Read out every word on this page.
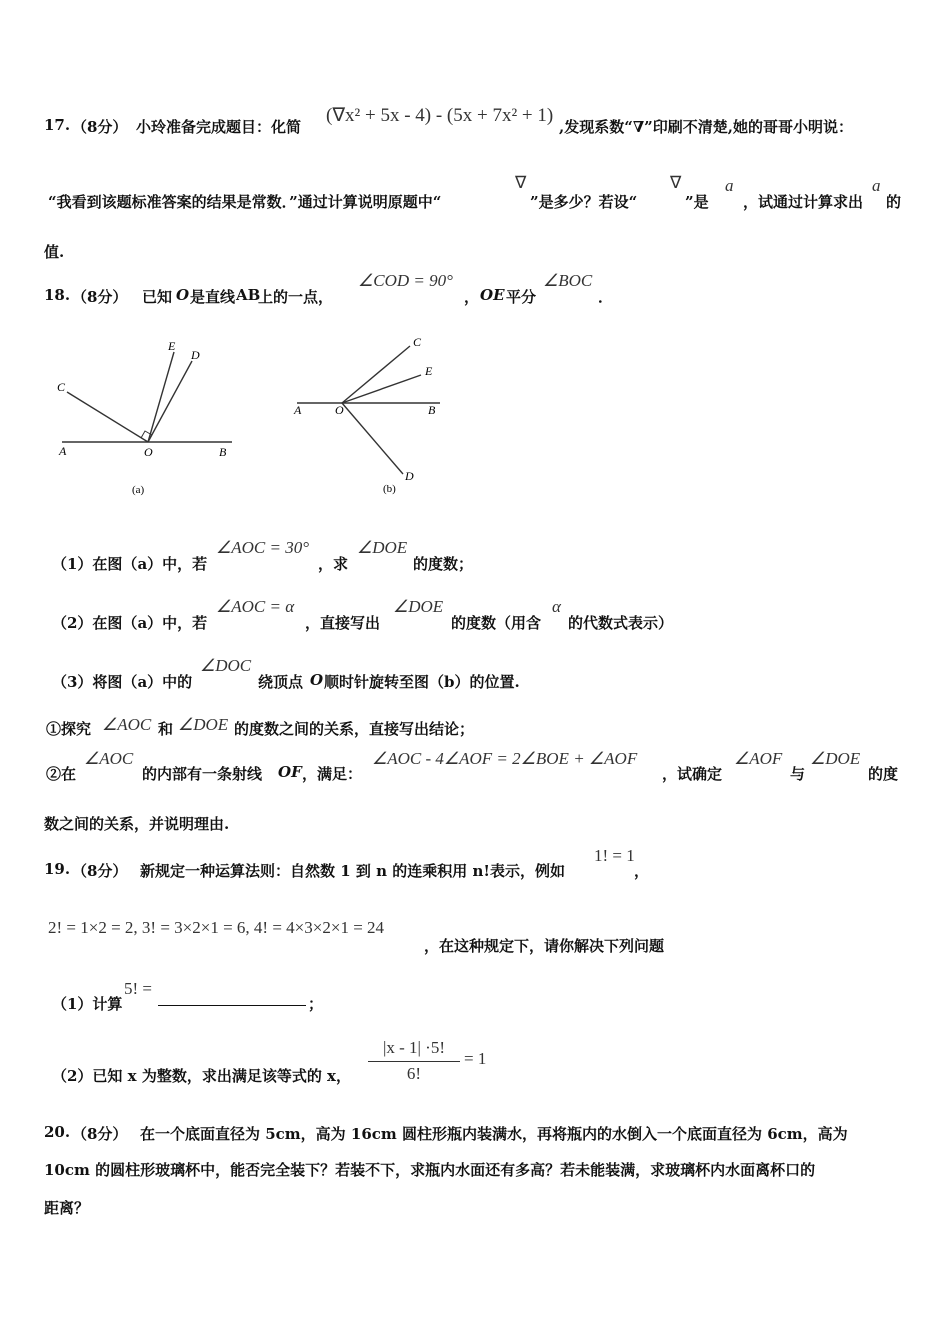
17. （8分） 小玲准备完成题目：化简
(∇x² + 5x - 4) - (5x + 7x² + 1)
,发现系数“∇”印刷不清楚,她的哥哥小明说：
“我看到该题标准答案的结果是常数．”通过计算说明原题中“
∇
”是多少？若设“
∇
”是
a
，试通过计算求出
a
的
值.
18. （8分） 已知 O 是直线 AB
上的一点，
∠COD = 90°
， OE 平分
∠BOC
．
C
E
D
A	O	B
(a)
C
E
A	O	B
D
(b)
（1）在图（a）中，若
∠AOC = 30°
，求
∠DOE
的度数；
（2）在图（a）中，若
∠AOC = α
，直接写出
∠DOE
的度数（用含
α
的代数式表示）
（3）将图（a）中的
∠DOC
绕顶点 O 顺时针旋转至图（b）的位置.
①探究 ∠AOC 和 ∠DOE 的度数之间的关系，直接写出结论；
②在
∠AOC
的内部有一条射线 OF ，满足：
∠AOC - 4∠AOF = 2∠BOE + ∠AOF
，试确定
∠AOF
与
∠DOE
的度
数之间的关系，并说明理由.
19. （8分） 新规定一种运算法则：自然数 1 到 n 的连乘积用 n!表示，例如
1! = 1
，
2! = 1×2 = 2, 3! = 3×2×1 = 6, 4! = 4×3×2×1 = 24
，在这种规定下，请你解决下列问题
（1）计算
5! =
；
（2）已知 x 为整数，求出满足该等式的 x，
|x - 1| ·5!
6!
= 1
20. （8分） 在一个底面直径为 5cm，高为 16cm 圆柱形瓶内装满水，再将瓶内的水倒入一个底面直径为 6cm，高为
10cm 的圆柱形玻璃杯中，能否完全装下？若装不下，求瓶内水面还有多高？若未能装满，求玻璃杯内水面离杯口的
距离？
